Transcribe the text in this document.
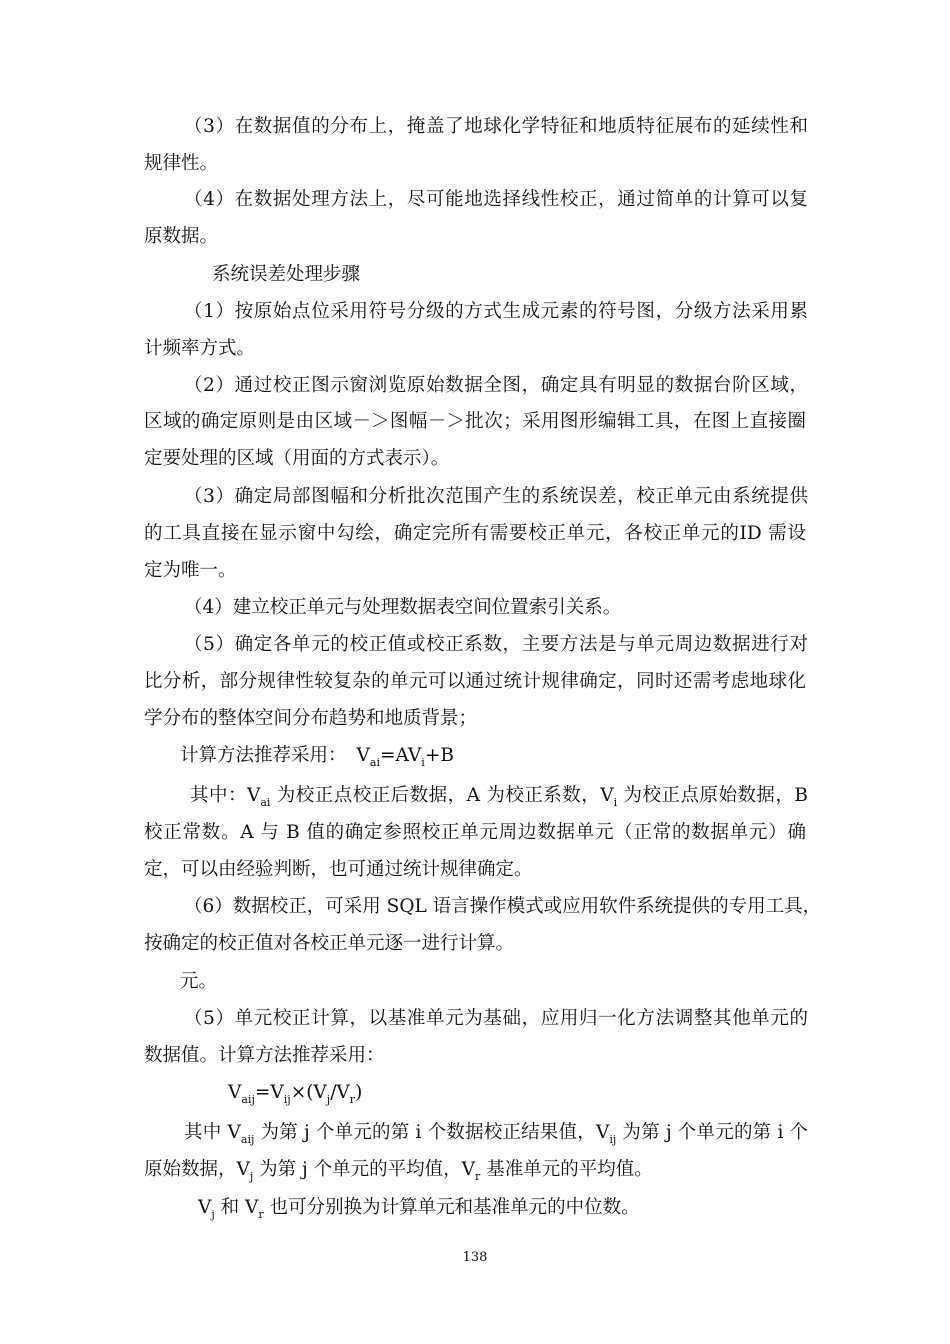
（3）在数据值的分布上，掩盖了地球化学特征和地质特征展布的延续性和

规律性。

（4）在数据处理方法上，尽可能地选择线性校正，通过简单的计算可以复

原数据。

系统误差处理步骤

（1）按原始点位采用符号分级的方式生成元素的符号图，分级方法采用累

计频率方式。

（2）通过校正图示窗浏览原始数据全图，确定具有明显的数据台阶区域，

区域的确定原则是由区域－＞图幅－＞批次；采用图形编辑工具，在图上直接圈

定要处理的区域（用面的方式表示）。

（3）确定局部图幅和分析批次范围产生的系统误差，校正单元由系统提供

的工具直接在显示窗中勾绘，确定完所有需要校正单元，各校正单元的ID 需设

定为唯一。

（4）建立校正单元与处理数据表空间位置索引关系。

（5）确定各单元的校正值或校正系数，主要方法是与单元周边数据进行对

比分析，部分规律性较复杂的单元可以通过统计规律确定，同时还需考虑地球化

学分布的整体空间分布趋势和地质背景；

计算方法推荐采用： $V_{ai}=AV_i+B$

其中：$V_{ai}$ 为校正点校正后数据，A 为校正系数，$V_i$ 为校正点原始数据，B

校正常数。A 与 B 值的确定参照校正单元周边数据单元（正常的数据单元）确

定，可以由经验判断，也可通过统计规律确定。

（6）数据校正，可采用 SQL 语言操作模式或应用软件系统提供的专用工具，

按确定的校正值对各校正单元逐一进行计算。

元。

（5）单元校正计算，以基准单元为基础，应用归一化方法调整其他单元的

数据值。计算方法推荐采用：

$V_{aij}=V_{ij}\times(V_j/V_r)$

其中 $V_{aij}$ 为第 j 个单元的第 i 个数据校正结果值，$V_{ij}$ 为第 j 个单元的第 i 个

原始数据，$V_j$ 为第 j 个单元的平均值，$V_r$ 基准单元的平均值。

$V_j$ 和 $V_r$ 也可分别换为计算单元和基准单元的中位数。

138
